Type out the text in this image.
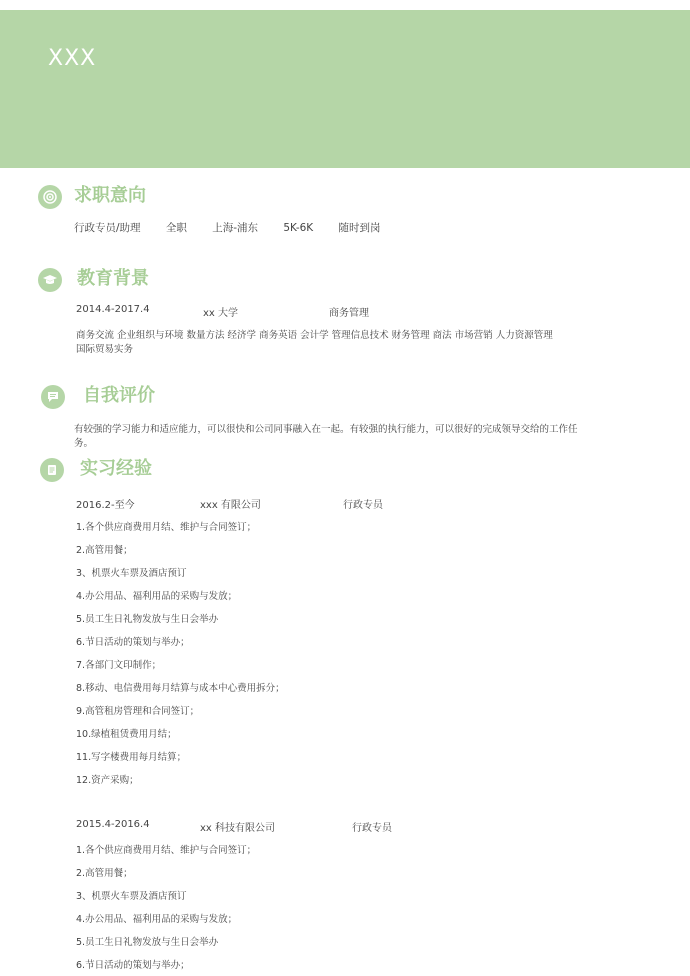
XXX
求职意向
行政专员/助理 全职 上海-浦东 5K-6K 随时到岗
教育背景
2014.4-2017.4	xx 大学	商务管理
商务交流 企业组织与环境 数量方法 经济学 商务英语 会计学 管理信息技术 财务管理 商法 市场营销 人力资源管理
国际贸易实务
自我评价
有较强的学习能力和适应能力，可以很快和公司同事融入在一起。有较强的执行能力，可以很好的完成领导交给的工作任
务。
实习经验
2016.2-至今	xxx 有限公司	行政专员
1.各个供应商费用月结、维护与合同签订；
2.高管用餐；
3、机票火车票及酒店预订
4.办公用品、福利用品的采购与发放；
5.员工生日礼物发放与生日会举办
6.节日活动的策划与举办；
7.各部门文印制作；
8.移动、电信费用每月结算与成本中心费用拆分；
9.高管租房管理和合同签订；
10.绿植租赁费用月结；
11.写字楼费用每月结算；
12.资产采购；
2015.4-2016.4	xx 科技有限公司	行政专员
1.各个供应商费用月结、维护与合同签订；
2.高管用餐；
3、机票火车票及酒店预订
4.办公用品、福利用品的采购与发放；
5.员工生日礼物发放与生日会举办
6.节日活动的策划与举办；
